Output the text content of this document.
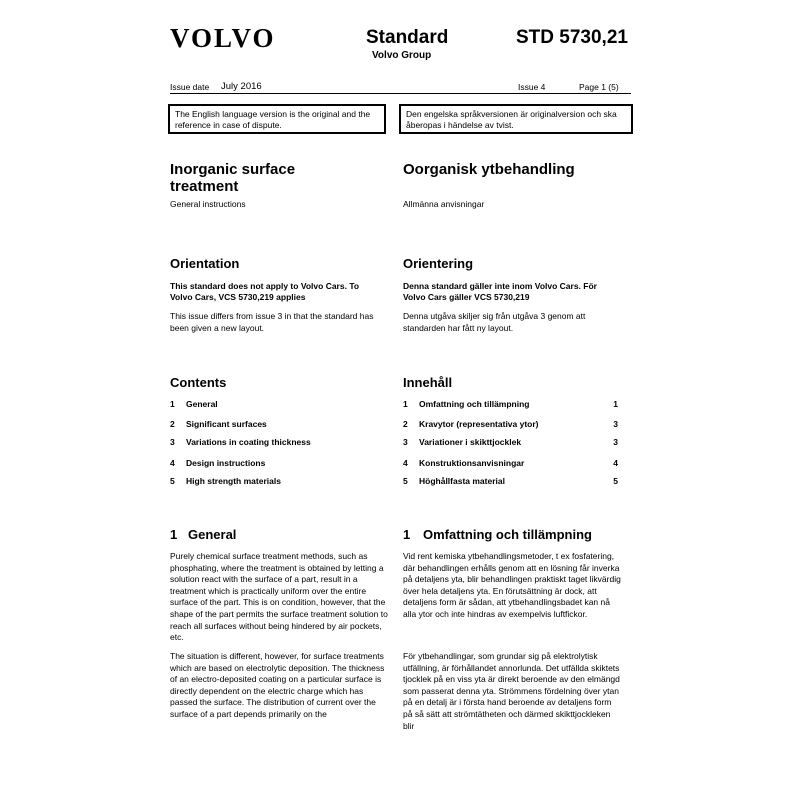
VOLVO	Standard
Volvo Group
STD 5730,21
Issue date July 2016	Issue 4	Page 1 (5)
The English language version is the original and the reference in case of dispute.
Den engelska språkversionen är originalversion och ska åberopas i händelse av tvist.
Inorganic surface treatment
General instructions
Oorganisk ytbehandling
Allmänna anvisningar
Orientation
This standard does not apply to Volvo Cars. To Volvo Cars, VCS 5730,219 applies
This issue differs from issue 3 in that the standard has been given a new layout.
Orientering
Denna standard gäller inte inom Volvo Cars. För Volvo Cars gäller VCS 5730,219
Denna utgåva skiljer sig från utgåva 3 genom att standarden har fått ny layout.
Contents	Innehåll
1 General
2 Significant surfaces
3 Variations in coating thickness
4 Design instructions
5 High strength materials
1 Omfattning och tillämpning	1
2 Kravytor (representativa ytor)	3
3 Variationer i skikttjocklek	3
4 Konstruktionsanvisningar	4
5 Höghållfasta material	5
1 General	1 Omfattning och tillämpning
Purely chemical surface treatment methods, such as phosphating, where the treatment is obtained by letting a solution react with the surface of a part, result in a treatment which is practically uniform over the entire surface of the part. This is on condition, however, that the shape of the part permits the surface treatment solution to reach all surfaces without being hindered by air pockets, etc.
The situation is different, however, for surface treatments which are based on electrolytic deposition. The thickness of an electro-deposited coating on a particular surface is directly dependent on the electric charge which has passed the surface. The distribution of current over the surface of a part depends primarily on the
Vid rent kemiska ytbehandlingsmetoder, t ex fosfatering, där behandlingen erhålls genom att en lösning får inverka på detaljens yta, blir behandlingen praktiskt taget likvärdig över hela detaljens yta. En förutsättning är dock, att detaljens form är sådan, att ytbehandlingsbadet kan nå alla ytor och inte hindras av exempelvis luftfickor.
För ytbehandlingar, som grundar sig på elektrolytisk utfällning, är förhållandet annorlunda. Det utfällda skiktets tjocklek på en viss yta är direkt beroende av den elmängd som passerat denna yta. Strömmens fördelning över ytan på en detalj är i första hand beroende av detaljens form på så sätt att strömtätheten och därmed skikttjockleken blir
